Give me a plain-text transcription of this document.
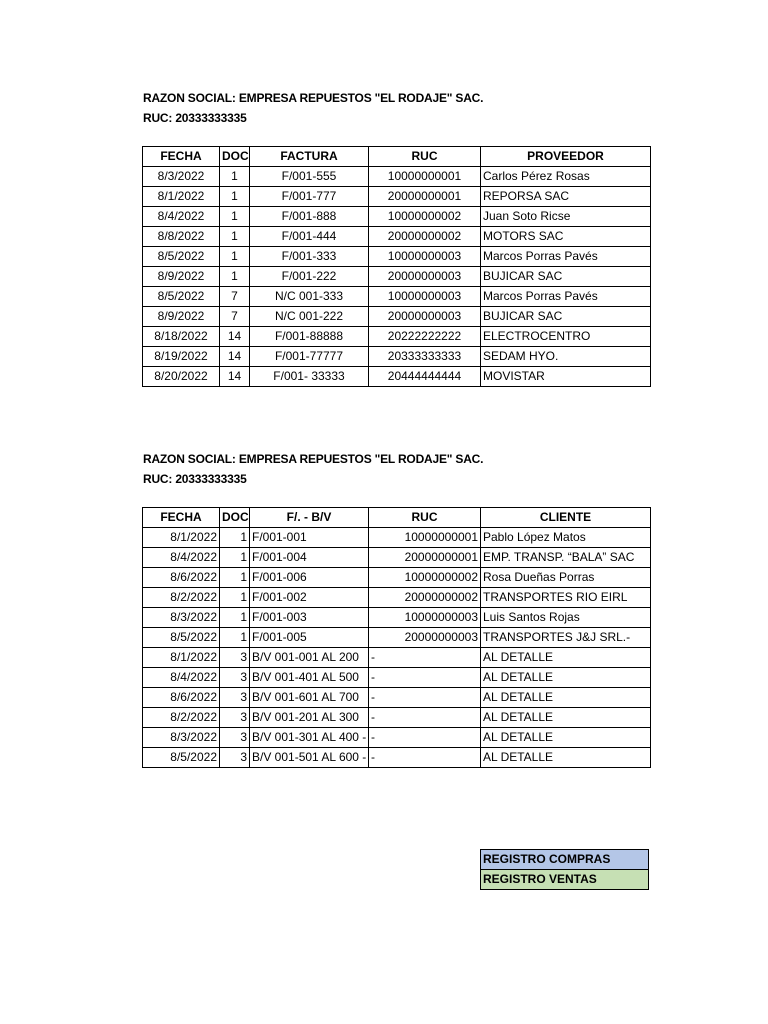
RAZON SOCIAL: EMPRESA REPUESTOS "EL RODAJE" SAC.
RUC: 20333333335
FECHA	DOC	FACTURA	RUC	PROVEEDOR
8/3/2022	1	F/001-555	10000000001	Carlos Pérez Rosas
8/1/2022	1	F/001-777	20000000001	REPORSA SAC
8/4/2022	1	F/001-888	10000000002	Juan Soto Ricse
8/8/2022	1	F/001-444	20000000002	MOTORS SAC
8/5/2022	1	F/001-333	10000000003	Marcos Porras Pavés
8/9/2022	1	F/001-222	20000000003	BUJICAR SAC
8/5/2022	7	N/C 001-333	10000000003	Marcos Porras Pavés
8/9/2022	7	N/C 001-222	20000000003	BUJICAR SAC
8/18/2022	14	F/001-88888	20222222222	ELECTROCENTRO
8/19/2022	14	F/001-77777	20333333333	SEDAM HYO.
8/20/2022	14	F/001- 33333	20444444444	MOVISTAR
RAZON SOCIAL: EMPRESA REPUESTOS "EL RODAJE" SAC.
RUC: 20333333335
FECHA	DOC	F/. - B/V	RUC	CLIENTE
8/1/2022	1	F/001-001	10000000001	Pablo López Matos
8/4/2022	1	F/001-004	20000000001	EMP. TRANSP. “BALA” SAC
8/6/2022	1	F/001-006	10000000002	Rosa Dueñas Porras
8/2/2022	1	F/001-002	20000000002	TRANSPORTES RIO EIRL
8/3/2022	1	F/001-003	10000000003	Luis Santos Rojas
8/5/2022	1	F/001-005	20000000003	TRANSPORTES J&J SRL.-
8/1/2022	3	B/V 001-001 AL 200	-	AL DETALLE
8/4/2022	3	B/V 001-401 AL 500	-	AL DETALLE
8/6/2022	3	B/V 001-601 AL 700	-	AL DETALLE
8/2/2022	3	B/V 001-201 AL 300	-	AL DETALLE
8/3/2022	3	B/V 001-301 AL 400 -	-	AL DETALLE
8/5/2022	3	B/V 001-501 AL 600 -	-	AL DETALLE
REGISTRO COMPRAS
REGISTRO VENTAS
